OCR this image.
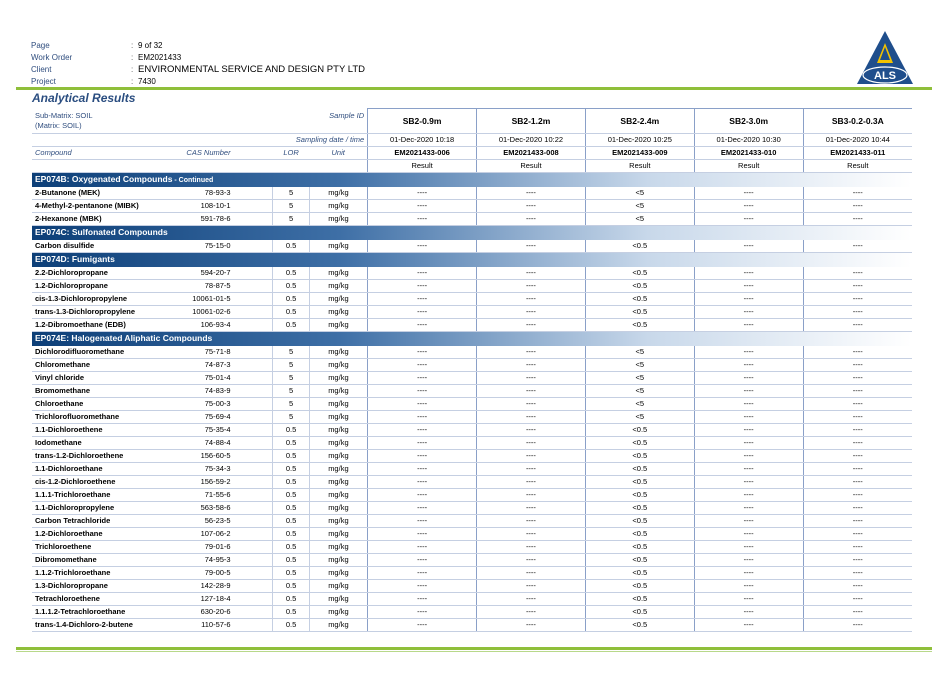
Page	: 9 of 32
Work Order	: EM2021433
Client	: ENVIRONMENTAL SERVICE AND DESIGN PTY LTD
Project	: 7430	ALS
Analytical Results
Sub-Matrix: SOIL
(Matrix: SOIL)	Sample ID			SB2-0.9m	SB2-1.2m	SB2-2.4m	SB2-3.0m	SB3-0.2-0.3A
	Sampling date / time			01-Dec-2020 10:18	01-Dec-2020 10:22	01-Dec-2020 10:25	01-Dec-2020 10:30	01-Dec-2020 10:44
Compound CAS Number		LOR	Unit	EM2021433-006	EM2021433-008	EM2021433-009	EM2021433-010	EM2021433-011
				Result	Result	Result	Result	Result
EP074B: Oxygenated Compounds - Continued								
2-Butanone (MEK) 78-93-3		5	mg/kg	----	----	<5	----	----
4-Methyl-2-pentanone (MIBK) 108-10-1		5	mg/kg	----	----	<5	----	----
2-Hexanone (MBK) 591-78-6		5	mg/kg	----	----	<5	----	----
EP074C: Sulfonated Compounds								
Carbon disulfide 75-15-0		0.5	mg/kg	----	----	<0.5	----	----
EP074D: Fumigants								
2.2-Dichloropropane 594-20-7		0.5	mg/kg	----	----	<0.5	----	----
1.2-Dichloropropane 78-87-5		0.5	mg/kg	----	----	<0.5	----	----
cis-1.3-Dichloropropylene 10061-01-5		0.5	mg/kg	----	----	<0.5	----	----
trans-1.3-Dichloropropylene 10061-02-6		0.5	mg/kg	----	----	<0.5	----	----
1.2-Dibromoethane (EDB) 106-93-4		0.5	mg/kg	----	----	<0.5	----	----
EP074E: Halogenated Aliphatic Compounds								
Dichlorodifluoromethane 75-71-8		5	mg/kg	----	----	<5	----	----
Chloromethane 74-87-3		5	mg/kg	----	----	<5	----	----
Vinyl chloride 75-01-4		5	mg/kg	----	----	<5	----	----
Bromomethane 74-83-9		5	mg/kg	----	----	<5	----	----
Chloroethane 75-00-3		5	mg/kg	----	----	<5	----	----
Trichlorofluoromethane 75-69-4		5	mg/kg	----	----	<5	----	----
1.1-Dichloroethene 75-35-4		0.5	mg/kg	----	----	<0.5	----	----
Iodomethane 74-88-4		0.5	mg/kg	----	----	<0.5	----	----
trans-1.2-Dichloroethene 156-60-5		0.5	mg/kg	----	----	<0.5	----	----
1.1-Dichloroethane 75-34-3		0.5	mg/kg	----	----	<0.5	----	----
cis-1.2-Dichloroethene 156-59-2		0.5	mg/kg	----	----	<0.5	----	----
1.1.1-Trichloroethane 71-55-6		0.5	mg/kg	----	----	<0.5	----	----
1.1-Dichloropropylene 563-58-6		0.5	mg/kg	----	----	<0.5	----	----
Carbon Tetrachloride 56-23-5		0.5	mg/kg	----	----	<0.5	----	----
1.2-Dichloroethane 107-06-2		0.5	mg/kg	----	----	<0.5	----	----
Trichloroethene 79-01-6		0.5	mg/kg	----	----	<0.5	----	----
Dibromomethane 74-95-3		0.5	mg/kg	----	----	<0.5	----	----
1.1.2-Trichloroethane 79-00-5		0.5	mg/kg	----	----	<0.5	----	----
1.3-Dichloropropane 142-28-9		0.5	mg/kg	----	----	<0.5	----	----
Tetrachloroethene 127-18-4		0.5	mg/kg	----	----	<0.5	----	----
1.1.1.2-Tetrachloroethane 630-20-6		0.5	mg/kg	----	----	<0.5	----	----
trans-1.4-Dichloro-2-butene 110-57-6		0.5	mg/kg	----	----	<0.5	----	----
